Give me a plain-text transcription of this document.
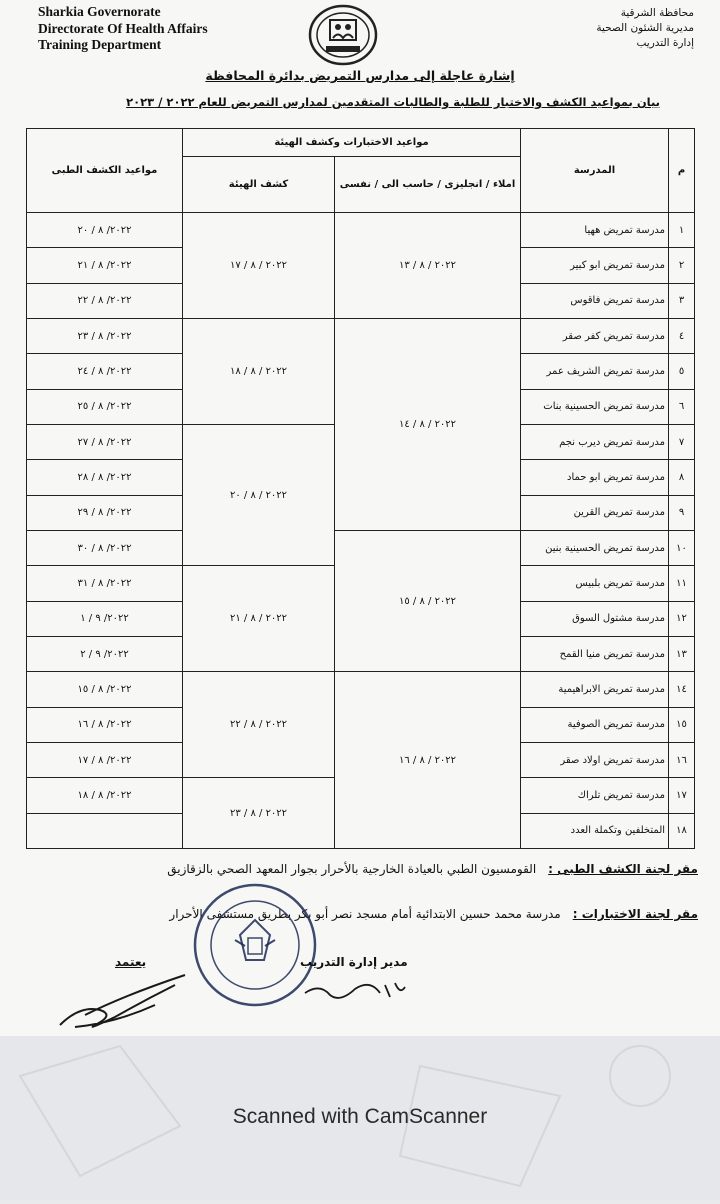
Sharkia Governorate
Directorate Of Health Affairs
Training Department
محافظة الشرقية
مديرية الشئون الصحية
إدارة التدريب
إشارة عاجلة إلى مدارس التمريض بدائرة المحافظة
بيان بمواعيد الكشف والاختبار للطلبة والطالبات المتقدمين لمدارس التمريض للعام ٢٠٢٢ / ٢٠٢٣
م	المدرسة	مواعيد الاختبارات وكشف الهيئة		مواعيد الكشف الطبى
		املاء / انجليزى / حاسب الى / نفسى	كشف الهيئة	
١	مدرسة تمريض ههيا	٢٠٢٢ / ٨ / ١٣	٢٠٢٢ / ٨ / ١٧	٢٠٢٢/ ٨ / ٢٠
٢	مدرسة تمريض ابو كبير			٢٠٢٢/ ٨ / ٢١
٣	مدرسة تمريض فاقوس			٢٠٢٢/ ٨ / ٢٢
٤	مدرسة تمريض كفر صقر	٢٠٢٢ / ٨ / ١٤	٢٠٢٢ / ٨ / ١٨	٢٠٢٢/ ٨ / ٢٣
٥	مدرسة تمريض الشريف عمر			٢٠٢٢/ ٨ / ٢٤
٦	مدرسة تمريض الحسينية بنات			٢٠٢٢/ ٨ / ٢٥
٧	مدرسة تمريض ديرب نجم		٢٠٢٢ / ٨ / ٢٠	٢٠٢٢/ ٨ / ٢٧
٨	مدرسة تمريض ابو حماد			٢٠٢٢/ ٨ / ٢٨
٩	مدرسة تمريض القرين			٢٠٢٢/ ٨ / ٢٩
١٠	مدرسة تمريض الحسينية بنين	٢٠٢٢ / ٨ / ١٥		٢٠٢٢/ ٨ / ٣٠
١١	مدرسة تمريض بلبيس		٢٠٢٢ / ٨ / ٢١	٢٠٢٢/ ٨ / ٣١
١٢	مدرسة مشتول السوق			٢٠٢٢/ ٩ / ١
١٣	مدرسة تمريض منيا القمح			٢٠٢٢/ ٩ / ٢
١٤	مدرسة تمريض الابراهيمية	٢٠٢٢ / ٨ / ١٦	٢٠٢٢ / ٨ / ٢٢	٢٠٢٢/ ٨ / ١٥
١٥	مدرسة تمريض الصوفية			٢٠٢٢/ ٨ / ١٦
١٦	مدرسة تمريض اولاد صقر			٢٠٢٢/ ٨ / ١٧
١٧	مدرسة تمريض تلراك		٢٠٢٢ / ٨ / ٢٣	٢٠٢٢/ ٨ / ١٨
١٨	المتخلفين وتكملة العدد			
مقر لجنة الكشف الطبى :القومسيون الطبي بالعيادة الخارجية بالأحرار بجوار المعهد الصحي بالزقازيق
مقر لجنة الاختبارات :مدرسة محمد حسين الابتدائية أمام مسجد نصر أبو بكر بطريق مستشفى الأحرار
مدير إدارة التدريب
يعتمد
Scanned with CamScanner
